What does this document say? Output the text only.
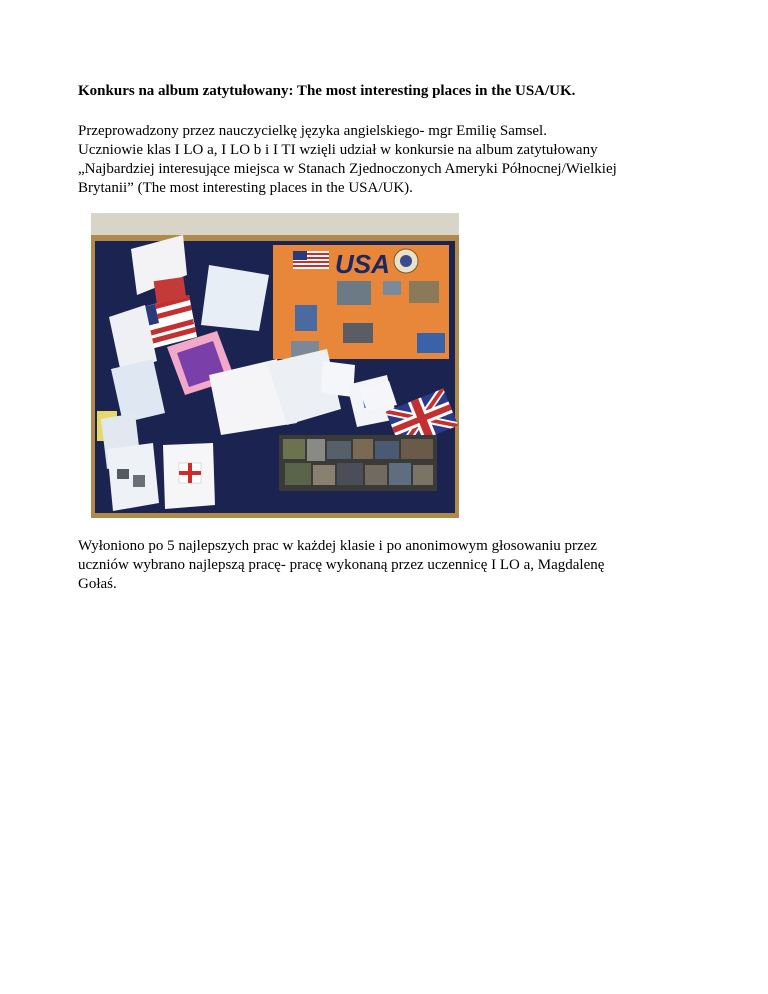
Konkurs na album zatytułowany: The most interesting places in the USA/UK.

Przeprowadzony przez nauczycielkę języka angielskiego- mgr Emilię Samsel.
Uczniowie klas I LO a, I LO b i I TI wzięli udział w konkursie na album zatytułowany
„Najbardziej interesujące miejsca w Stanach Zjednoczonych Ameryki Północnej/Wielkiej
Brytanii” (The most interesting places in the USA/UK).

USA

Wyłoniono po 5 najlepszych prac w każdej klasie i po anonimowym głosowaniu przez
uczniów wybrano najlepszą pracę- pracę wykonaną przez uczennicę I LO a, Magdalenę
Gołaś.
